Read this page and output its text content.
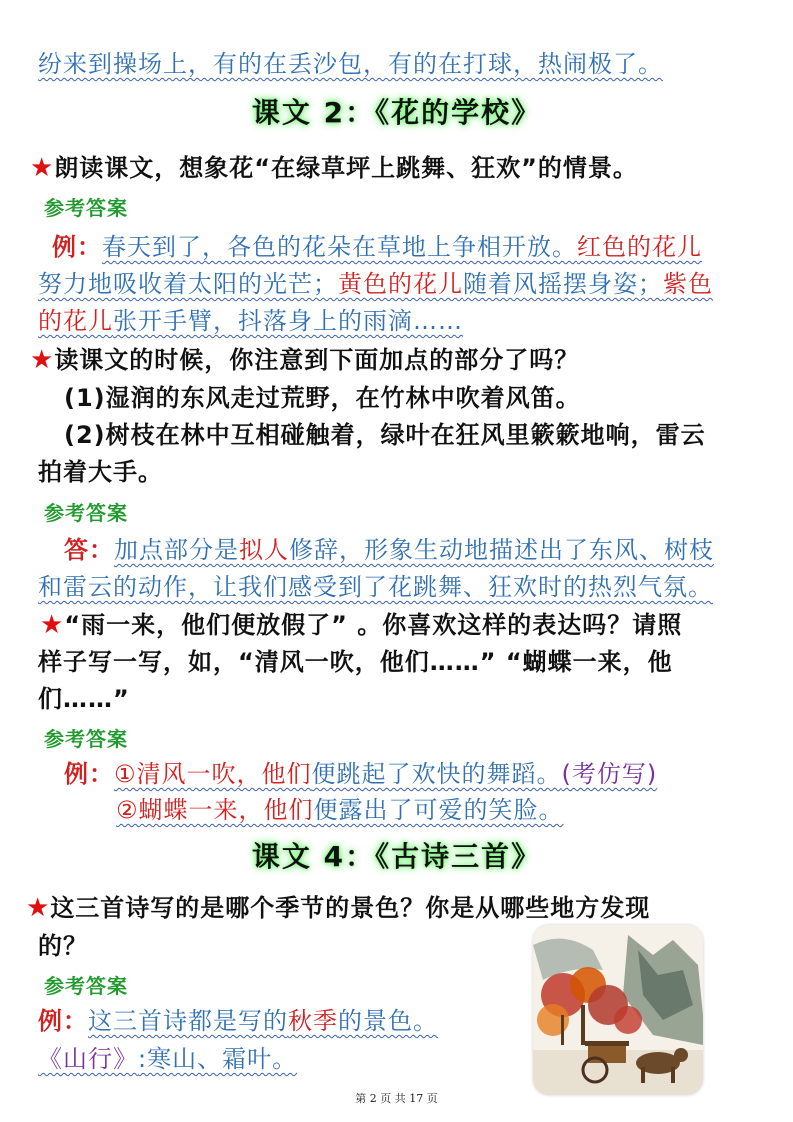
纷来到操场上，有的在丢沙包，有的在打球，热闹极了。
课文 2：《花的学校》
★朗读课文，想象花“在绿草坪上跳舞、狂欢”的情景。
参考答案
例：春天到了，各色的花朵在草地上争相开放。红色的花儿
努力地吸收着太阳的光芒；黄色的花儿随着风摇摆身姿；紫色
的花儿张开手臂，抖落身上的雨滴……
★读课文的时候，你注意到下面加点的部分了吗？
(1)湿润的东风走过荒野，在竹林中吹着风笛。
(2)树枝在林中互相碰触着，绿叶在狂风里簌簌地响，雷云
拍着大手。
参考答案
答：加点部分是拟人修辞，形象生动地描述出了东风、树枝
和雷云的动作，让我们感受到了花跳舞、狂欢时的热烈气氛。
★“雨一来，他们便放假了” 。你喜欢这样的表达吗？请照
样子写一写，如，“清风一吹，他们……” “蝴蝶一来，他
们……”
参考答案
例：①清风一吹，他们便跳起了欢快的舞蹈。(考仿写)
②蝴蝶一来，他们便露出了可爱的笑脸。
课文 4：《古诗三首》
★这三首诗写的是哪个季节的景色？你是从哪些地方发现
的？
参考答案
例：这三首诗都是写的秋季的景色。
《山行》:寒山、霜叶。
第 2 页 共 17 页
